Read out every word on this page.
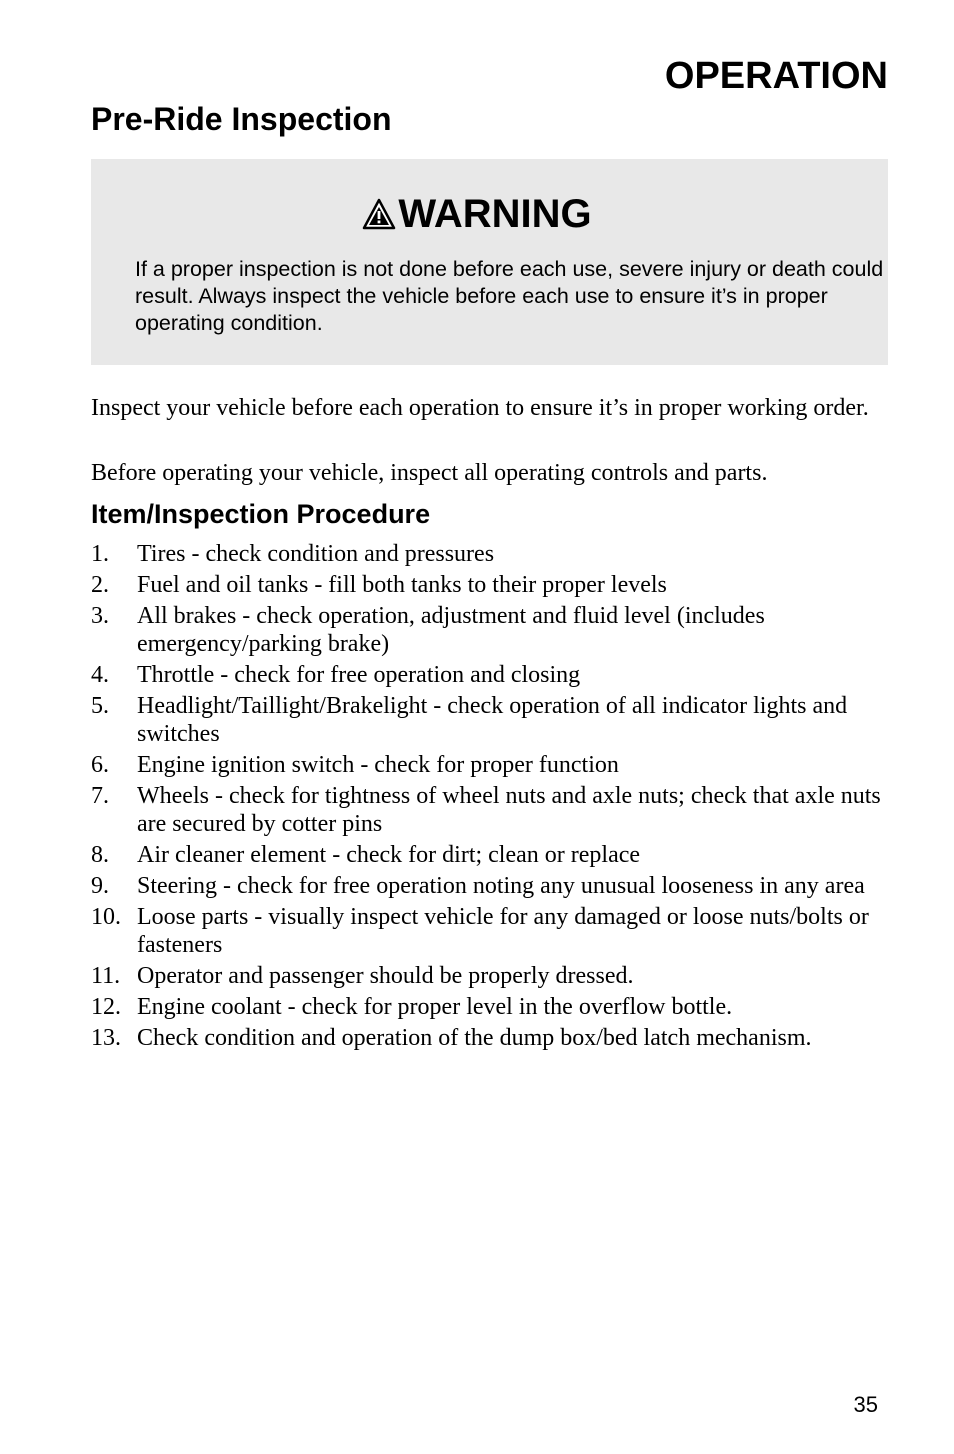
OPERATION
Pre-Ride Inspection
WARNING

If a proper inspection is not done before each use, severe injury or death could result. Always inspect the vehicle before each use to ensure it’s in proper operating condition.

Inspect your vehicle before each operation to ensure it’s in proper working order.

Before operating your vehicle, inspect all operating controls and parts.

Item/Inspection Procedure
1. Tires - check condition and pressures
2. Fuel and oil tanks - fill both tanks to their proper levels
3. All brakes - check operation, adjustment and fluid level (includes emergency/parking brake)
4. Throttle - check for free operation and closing
5. Headlight/Taillight/Brakelight - check operation of all indicator lights and switches
6. Engine ignition switch - check for proper function
7. Wheels - check for tightness of wheel nuts and axle nuts; check that axle nuts are secured by cotter pins
8. Air cleaner element - check for dirt; clean or replace
9. Steering - check for free operation noting any unusual looseness in any area
10. Loose parts - visually inspect vehicle for any damaged or loose nuts/bolts or fasteners
11. Operator and passenger should be properly dressed.
12. Engine coolant - check for proper level in the overflow bottle.
13. Check condition and operation of the dump box/bed latch mechanism.
35
